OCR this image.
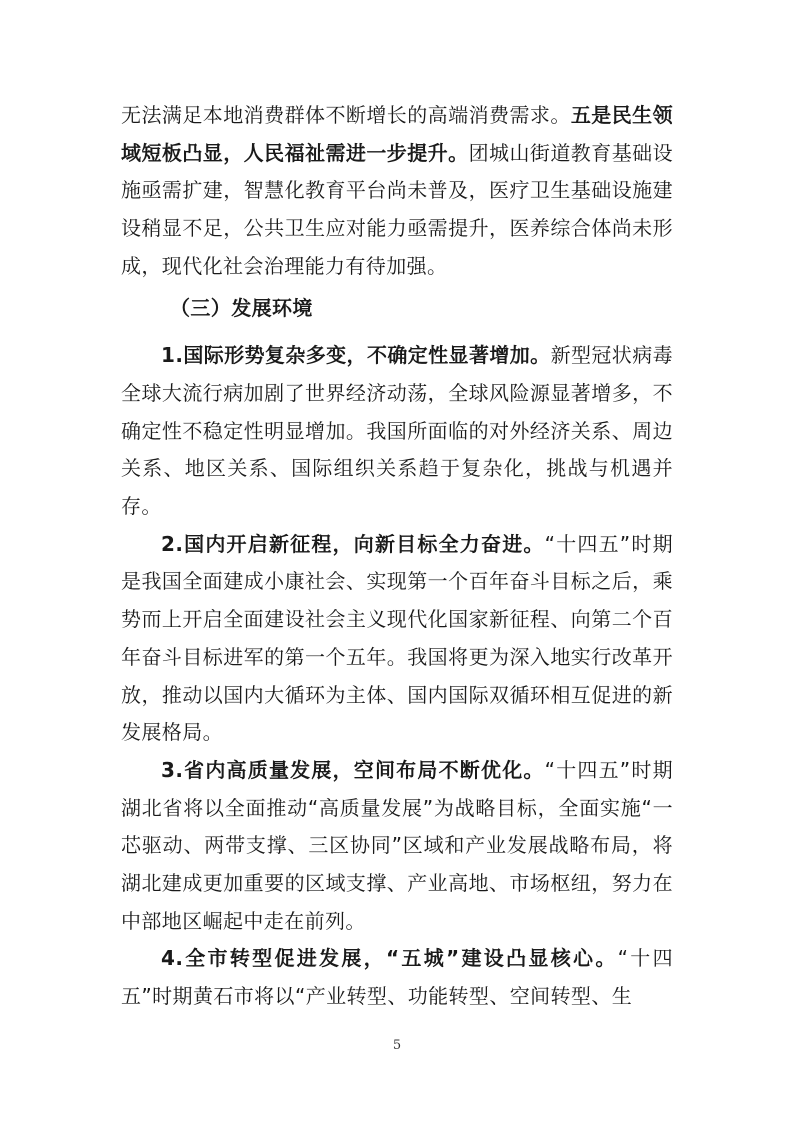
无法满足本地消费群体不断增长的高端消费需求。五是民生领域短板凸显，人民福祉需进一步提升。团城山街道教育基础设施亟需扩建，智慧化教育平台尚未普及，医疗卫生基础设施建设稍显不足，公共卫生应对能力亟需提升，医养综合体尚未形成，现代化社会治理能力有待加强。

（三）发展环境

1.国际形势复杂多变，不确定性显著增加。新型冠状病毒全球大流行病加剧了世界经济动荡，全球风险源显著增多，不确定性不稳定性明显增加。我国所面临的对外经济关系、周边关系、地区关系、国际组织关系趋于复杂化，挑战与机遇并存。

2.国内开启新征程，向新目标全力奋进。“十四五”时期是我国全面建成小康社会、实现第一个百年奋斗目标之后，乘势而上开启全面建设社会主义现代化国家新征程、向第二个百年奋斗目标进军的第一个五年。我国将更为深入地实行改革开放，推动以国内大循环为主体、国内国际双循环相互促进的新发展格局。

3.省内高质量发展，空间布局不断优化。“十四五”时期湖北省将以全面推动“高质量发展”为战略目标，全面实施“一芯驱动、两带支撑、三区协同”区域和产业发展战略布局，将湖北建成更加重要的区域支撑、产业高地、市场枢纽，努力在中部地区崛起中走在前列。

4.全市转型促进发展，“五城”建设凸显核心。“十四五”时期黄石市将以“产业转型、功能转型、空间转型、生

5
